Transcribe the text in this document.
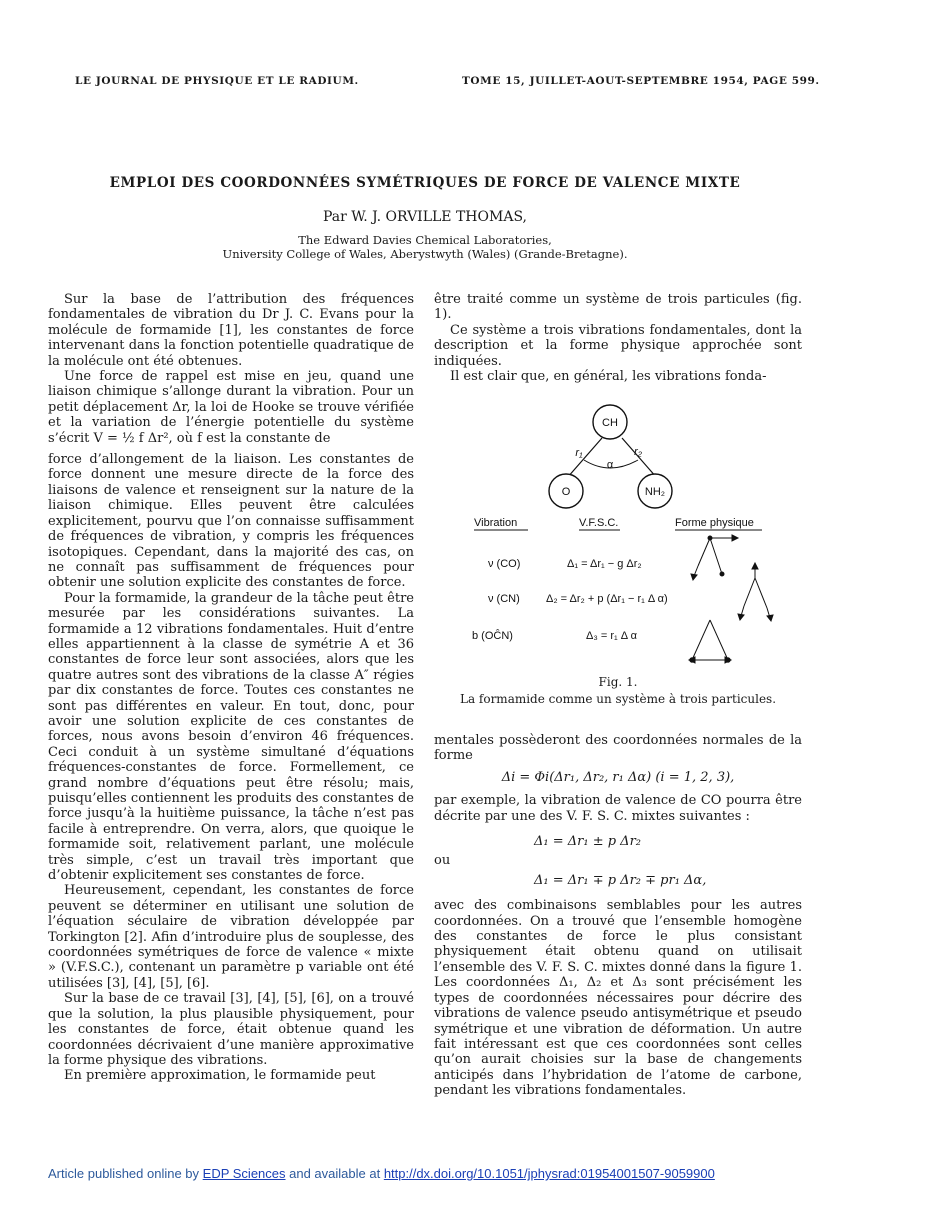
LE JOURNAL DE PHYSIQUE ET LE RADIUM.	TOME 15, JUILLET-AOUT-SEPTEMBRE 1954, PAGE 599.
EMPLOI DES COORDONNÉES SYMÉTRIQUES DE FORCE DE VALENCE MIXTE
Par W. J. ORVILLE THOMAS,
The Edward Davies Chemical Laboratories,
University College of Wales, Aberystwyth (Wales) (Grande-Bretagne).

Sur la base de l’attribution des fréquences fondamentales de vibration du Dr J. C. Evans pour la molécule de formamide [1], les constantes de force intervenant dans la fonction potentielle quadratique de la molécule ont été obtenues.

Une force de rappel est mise en jeu, quand une liaison chimique s’allonge durant la vibration. Pour un petit déplacement Δr, la loi de Hooke se trouve vérifiée et la variation de l’énergie potentielle du système s’écrit V = ½ f Δr², où f est la constante de

force d’allongement de la liaison. Les constantes de force donnent une mesure directe de la force des liaisons de valence et renseignent sur la nature de la liaison chimique. Elles peuvent être calculées explicitement, pourvu que l’on connaisse suffisamment de fréquences de vibration, y compris les fréquences isotopiques. Cependant, dans la majorité des cas, on ne connaît pas suffisamment de fréquences pour obtenir une solution explicite des constantes de force.

Pour la formamide, la grandeur de la tâche peut être mesurée par les considérations suivantes. La formamide a 12 vibrations fondamentales. Huit d’entre elles appartiennent à la classe de symétrie A et 36 constantes de force leur sont associées, alors que les quatre autres sont des vibrations de la classe A″ régies par dix constantes de force. Toutes ces constantes ne sont pas différentes en valeur. En tout, donc, pour avoir une solution explicite de ces constantes de forces, nous avons besoin d’environ 46 fréquences. Ceci conduit à un système simultané d’équations fréquences-constantes de force. Formellement, ce grand nombre d’équations peut être résolu; mais, puisqu’elles contiennent les produits des constantes de force jusqu’à la huitième puissance, la tâche n’est pas facile à entreprendre. On verra, alors, que quoique le formamide soit, relativement parlant, une molécule très simple, c’est un travail très important que d’obtenir explicitement ses constantes de force.

Heureusement, cependant, les constantes de force peuvent se déterminer en utilisant une solution de l’équation séculaire de vibration développée par Torkington [2]. Afin d’introduire plus de souplesse, des coordonnées symétriques de force de valence « mixte » (V.F.S.C.), contenant un paramètre p variable ont été utilisées [3], [4], [5], [6].

Sur la base de ce travail [3], [4], [5], [6], on a trouvé que la solution, la plus plausible physiquement, pour les constantes de force, était obtenue quand les coordonnées décrivaient d’une manière approximative la forme physique des vibrations.

En première approximation, le formamide peut

être traité comme un système de trois particules (fig. 1).

Ce système a trois vibrations fondamentales, dont la description et la forme physique approchée sont indiquées.

Il est clair que, en général, les vibrations fonda-

CH
O	NH₂
r₁	r₂
α
Vibration	V.F.S.C.	Forme physique
ν (CO)	Δ₁ = Δr₁ − g Δr₂
ν (CN) Δ₂ = Δr₂ + p (Δr₁ − r₁ Δ α)
b (OĈN)	Δ₃ = r₁ Δ α
Fig. 1.
La formamide comme un système à trois particules.

mentales possèderont des coordonnées normales de la forme

Δi = Φi(Δr₁, Δr₂, r₁ Δα) (i = 1, 2, 3),

par exemple, la vibration de valence de CO pourra être décrite par une des V. F. S. C. mixtes suivantes :

Δ₁ = Δr₁ ± p Δr₂
ou
Δ₁ = Δr₁ ∓ p Δr₂ ∓ pr₁ Δα,

avec des combinaisons semblables pour les autres coordonnées. On a trouvé que l’ensemble homogène des constantes de force le plus consistant physiquement était obtenu quand on utilisait l’ensemble des V. F. S. C. mixtes donné dans la figure 1. Les coordonnées Δ₁, Δ₂ et Δ₃ sont précisément les types de coordonnées nécessaires pour décrire des vibrations de valence pseudo antisymétrique et pseudo symétrique et une vibration de déformation. Un autre fait intéressant est que ces coordonnées sont celles qu’on aurait choisies sur la base de changements anticipés dans l’hybridation de l’atome de carbone, pendant les vibrations fondamentales.

Article published online by EDP Sciences and available at http://dx.doi.org/10.1051/jphysrad:01954001507-9059900
